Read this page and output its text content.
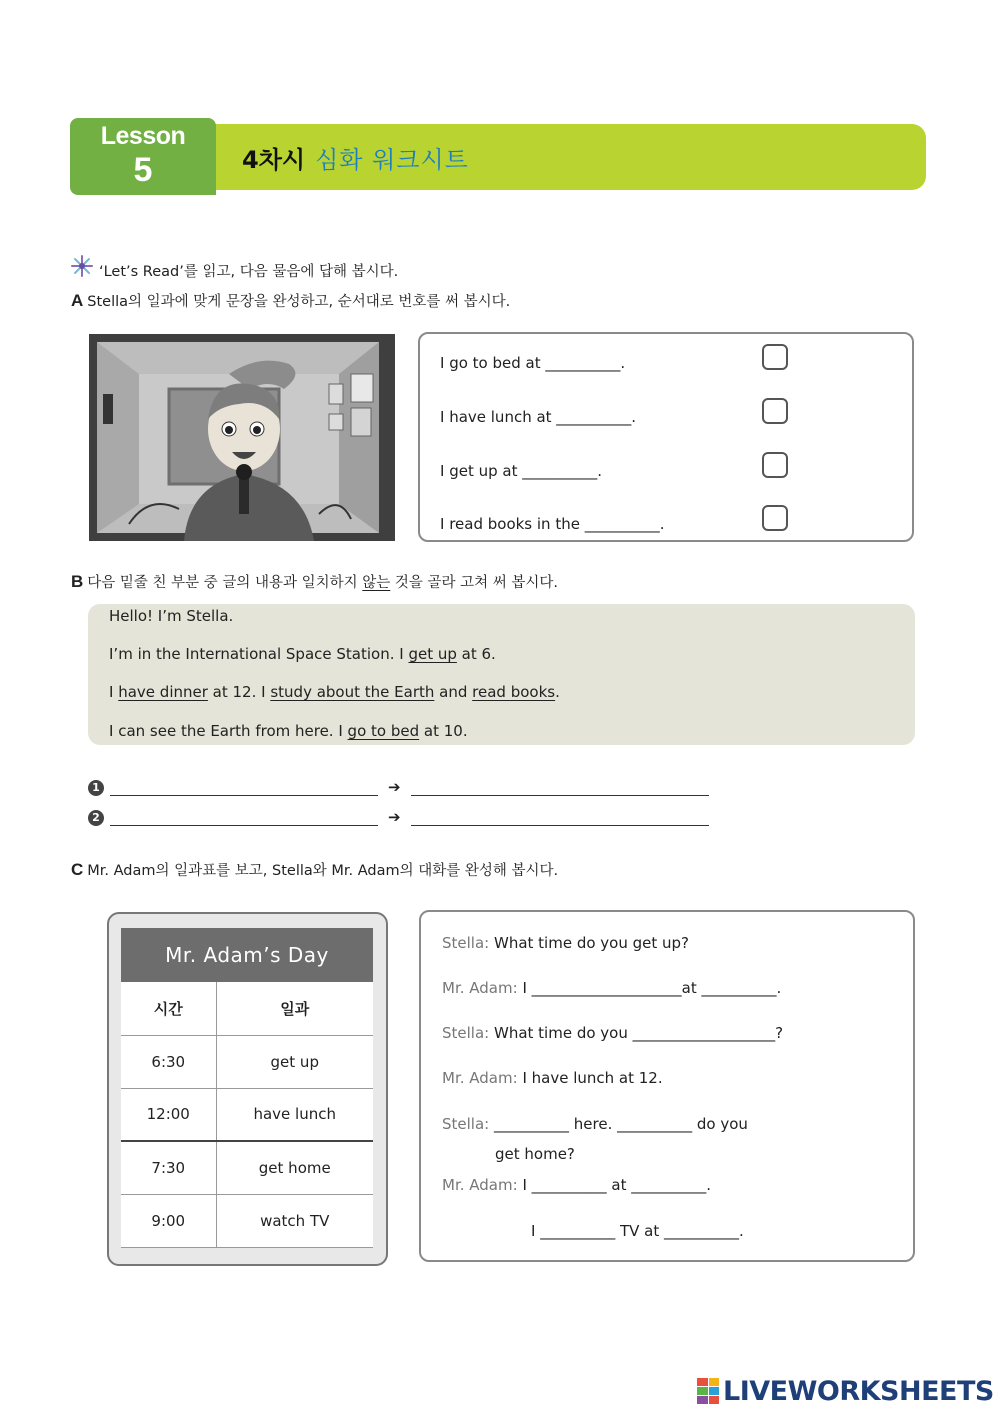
Lesson
5	4차시 심화 워크시트
‘Let’s Read’를 읽고, 다음 물음에 답해 봅시다.
A Stella의 일과에 맞게 문장을 완성하고, 순서대로 번호를 써 봅시다.
I go to bed at __________.
I have lunch at __________.
I get up at __________.
I read books in the __________.
B 다음 밑줄 친 부분 중 글의 내용과 일치하지 않는 것을 골라 고쳐 써 봅시다.
Hello! I’m Stella.
I’m in the International Space Station. I get up at 6.
I have dinner at 12. I study about the Earth and read books.
I can see the Earth from here. I go to bed at 10.
1	➔
2	➔
C Mr. Adam의 일과표를 보고, Stella와 Mr. Adam의 대화를 완성해 봅시다.
Mr. Adam’s Day	
시간	일과
6:30	get up
12:00	have lunch
7:30	get home
9:00	watch TV
Stella: What time do you get up?
Mr. Adam: I ____________________at __________.
Stella: What time do you ___________________?
Mr. Adam: I have lunch at 12.
Stella: __________ here. __________ do you
get home?
Mr. Adam: I __________ at __________.
I __________ TV at __________.
LIVEWORKSHEETS
